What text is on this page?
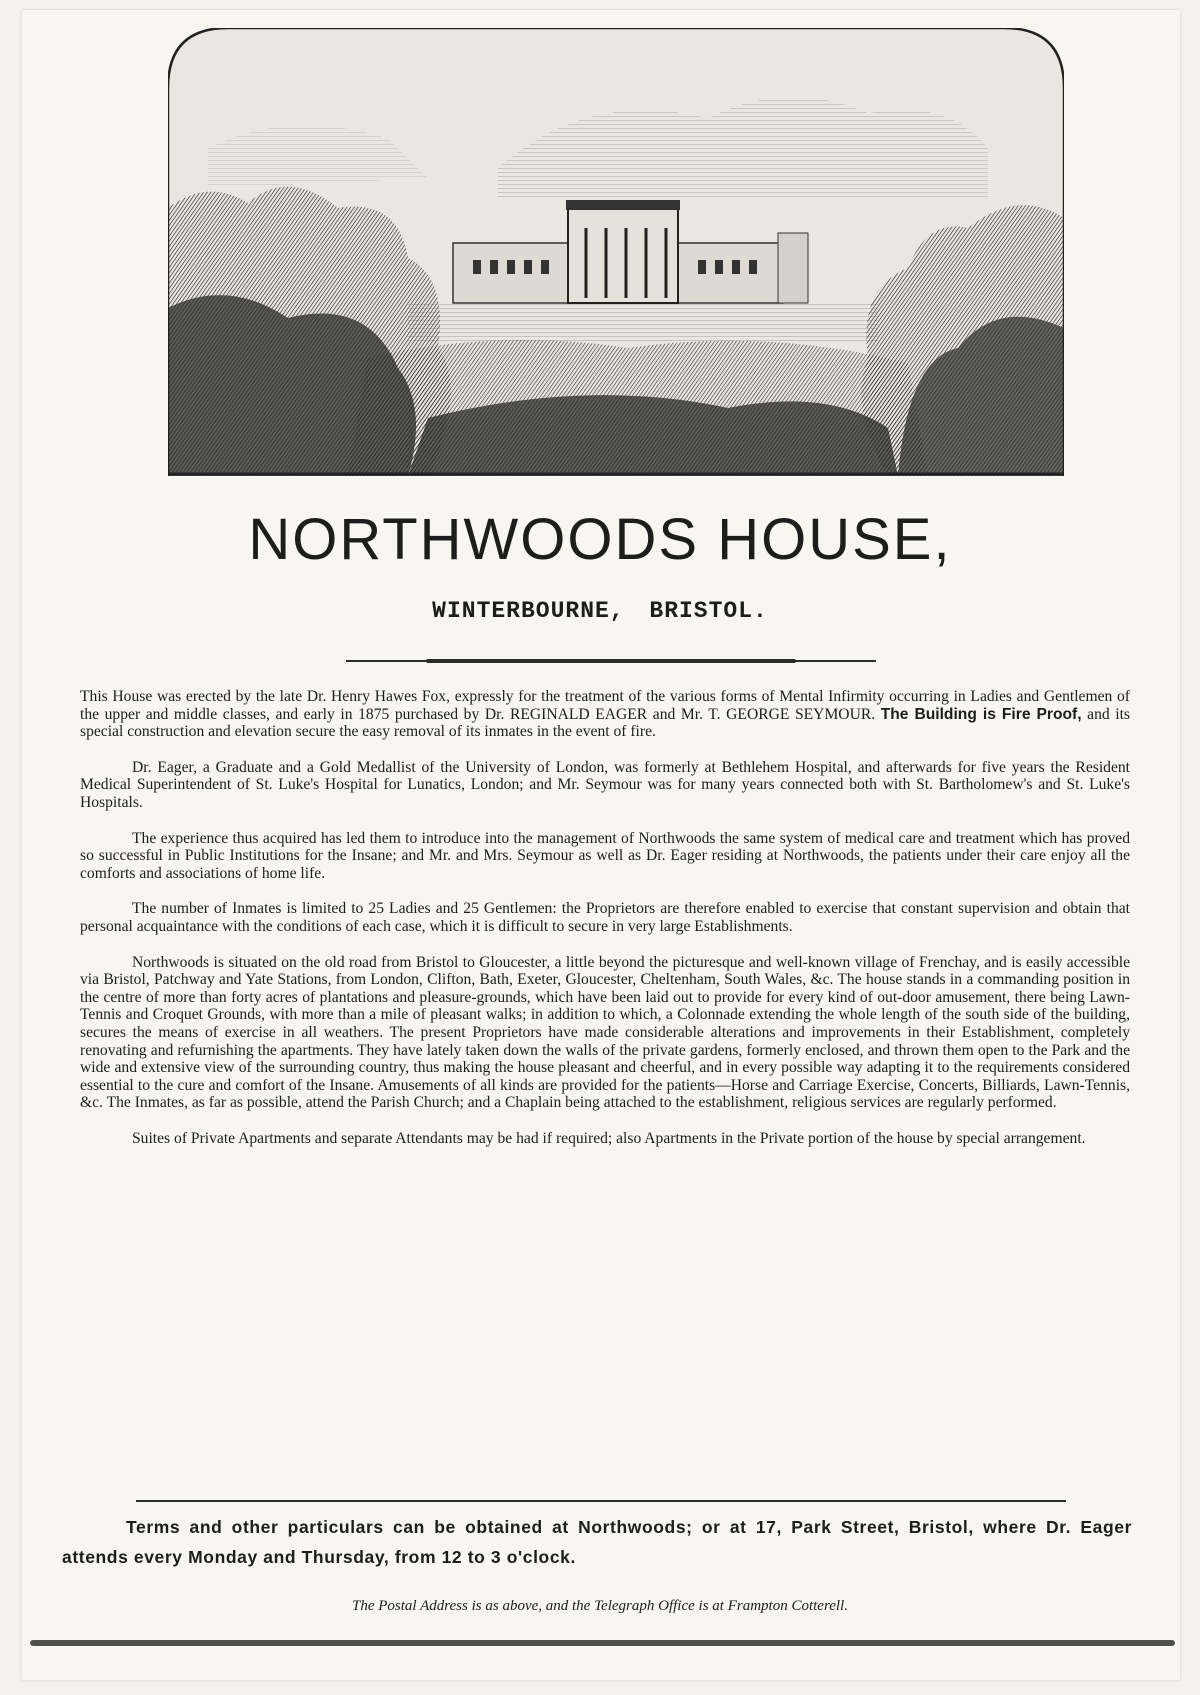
NORTHWOODS HOUSE,
WINTERBOURNE, BRISTOL.

This House was erected by the late Dr. Henry Hawes Fox, expressly for the treatment of the various forms of Mental Infirmity occurring in Ladies and Gentlemen of the upper and middle classes, and early in 1875 purchased by Dr. REGINALD EAGER and Mr. T. GEORGE SEYMOUR. The Building is Fire Proof, and its special construction and elevation secure the easy removal of its inmates in the event of fire.

Dr. Eager, a Graduate and a Gold Medallist of the University of London, was formerly at Bethlehem Hospital, and afterwards for five years the Resident Medical Superintendent of St. Luke's Hospital for Lunatics, London; and Mr. Seymour was for many years connected both with St. Bartholomew's and St. Luke's Hospitals.

The experience thus acquired has led them to introduce into the management of Northwoods the same system of medical care and treatment which has proved so successful in Public Institutions for the Insane; and Mr. and Mrs. Seymour as well as Dr. Eager residing at Northwoods, the patients under their care enjoy all the comforts and associations of home life.

The number of Inmates is limited to 25 Ladies and 25 Gentlemen: the Proprietors are therefore enabled to exercise that constant supervision and obtain that personal acquaintance with the conditions of each case, which it is difficult to secure in very large Establishments.

Northwoods is situated on the old road from Bristol to Gloucester, a little beyond the picturesque and well-known village of Frenchay, and is easily accessible via Bristol, Patchway and Yate Stations, from London, Clifton, Bath, Exeter, Gloucester, Cheltenham, South Wales, &c. The house stands in a commanding position in the centre of more than forty acres of plantations and pleasure-grounds, which have been laid out to provide for every kind of out-door amusement, there being Lawn-Tennis and Croquet Grounds, with more than a mile of pleasant walks; in addition to which, a Colonnade extending the whole length of the south side of the building, secures the means of exercise in all weathers. The present Proprietors have made considerable alterations and improvements in their Establishment, completely renovating and refurnishing the apartments. They have lately taken down the walls of the private gardens, formerly enclosed, and thrown them open to the Park and the wide and extensive view of the surrounding country, thus making the house pleasant and cheerful, and in every possible way adapting it to the requirements considered essential to the cure and comfort of the Insane. Amusements of all kinds are provided for the patients—Horse and Carriage Exercise, Concerts, Billiards, Lawn-Tennis, &c. The Inmates, as far as possible, attend the Parish Church; and a Chaplain being attached to the establishment, religious services are regularly performed.

Suites of Private Apartments and separate Attendants may be had if required; also Apartments in the Private portion of the house by special arrangement.

Terms and other particulars can be obtained at Northwoods; or at 17, Park Street, Bristol, where Dr. Eager attends every Monday and Thursday, from 12 to 3 o'clock.
The Postal Address is as above, and the Telegraph Office is at Frampton Cotterell.
